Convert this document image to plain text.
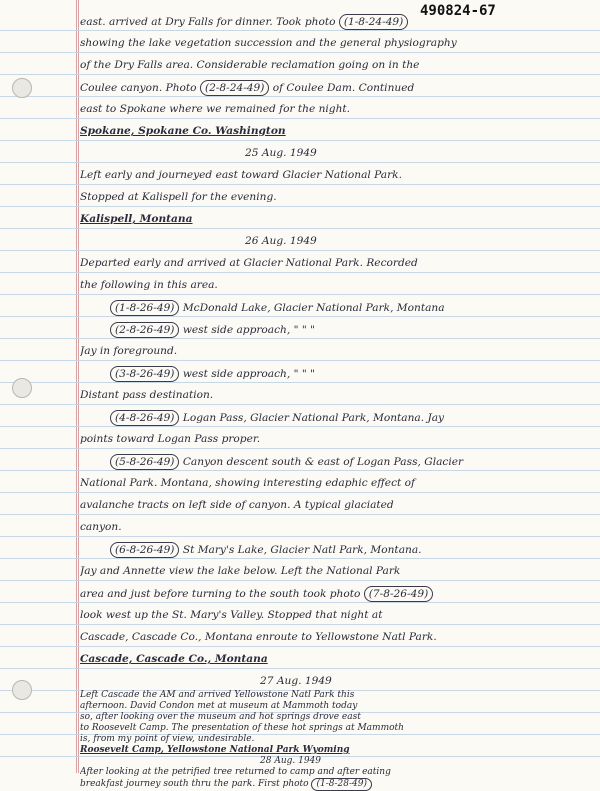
490824-67
east. arrived at Dry Falls for dinner. Took photo (1-8-24-49)
showing the lake vegetation succession and the general physiography
of the Dry Falls area. Considerable reclamation going on in the
Coulee canyon. Photo (2-8-24-49) of Coulee Dam. Continued
east to Spokane where we remained for the night.
Spokane, Spokane Co. Washington
25 Aug. 1949
Left early and journeyed east toward Glacier National Park.
Stopped at Kalispell for the evening.
Kalispell, Montana
26 Aug. 1949
Departed early and arrived at Glacier National Park. Recorded
the following in this area.
(1-8-26-49) McDonald Lake, Glacier National Park, Montana
(2-8-26-49) west side approach, " " "
Jay in foreground.
(3-8-26-49) west side approach, " " "
Distant pass destination.
(4-8-26-49) Logan Pass, Glacier National Park, Montana. Jay
points toward Logan Pass proper.
(5-8-26-49) Canyon descent south & east of Logan Pass, Glacier
National Park. Montana, showing interesting edaphic effect of
avalanche tracts on left side of canyon. A typical glaciated
canyon.
(6-8-26-49) St Mary's Lake, Glacier Natl Park, Montana.
Jay and Annette view the lake below. Left the National Park
area and just before turning to the south took photo (7-8-26-49)
look west up the St. Mary's Valley. Stopped that night at
Cascade, Cascade Co., Montana enroute to Yellowstone Natl Park.
Cascade, Cascade Co., Montana
27 Aug. 1949
Left Cascade the AM and arrived Yellowstone Natl Park this
afternoon. David Condon met at museum at Mammoth today
so, after looking over the museum and hot springs drove east
to Roosevelt Camp. The presentation of these hot springs at Mammoth
is, from my point of view, undesirable.
Roosevelt Camp, Yellowstone National Park Wyoming
28 Aug. 1949
After looking at the petrified tree returned to camp and after eating
breakfast journey south thru the park. First photo (1-8-28-49)
